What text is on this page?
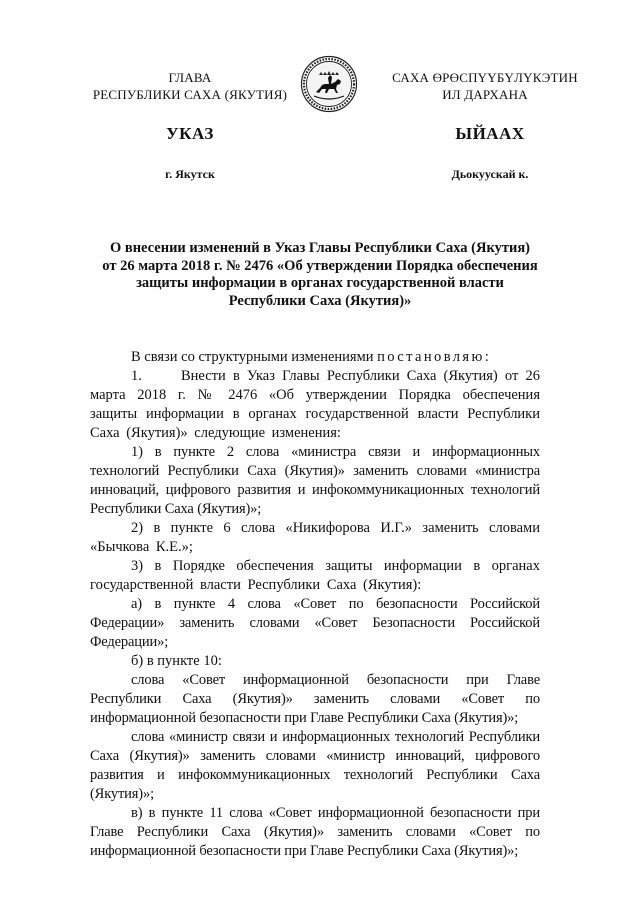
ГЛАВА
РЕСПУБЛИКИ САХА (ЯКУТИЯ)
САХА ӨРӨСПҮҮБҮЛҮКЭТИН
ИЛ ДАРХАНА
УКАЗ	ЫЙААХ
г. Якутск	Дьокуускай к.
О внесении изменений в Указ Главы Республики Саха (Якутия)
от 26 марта 2018 г. № 2476 «Об утверждении Порядка обеспечения
защиты информации в органах государственной власти
Республики Саха (Якутия)»

В связи со структурными изменениями постановляю:

1.	Внести в Указ Главы Республики Саха (Якутия) от 26 марта 2018 г. № 2476 «Об утверждении Порядка обеспечения защиты информации в органах государственной власти Республики Саха (Якутия)» следующие изменения:

1) в пункте 2 слова «министра связи и информационных технологий Республики Саха (Якутия)» заменить словами «министра инноваций, цифрового развития и инфокоммуникационных технологий Республики Саха (Якутия)»;

2) в пункте 6 слова «Никифорова И.Г.» заменить словами «Бычкова К.Е.»;

3) в Порядке обеспечения защиты информации в органах государственной власти Республики Саха (Якутия):

а) в пункте 4 слова «Совет по безопасности Российской Федерации» заменить словами «Совет Безопасности Российской Федерации»;

б) в пункте 10:

слова «Совет информационной безопасности при Главе Республики Саха (Якутия)» заменить словами «Совет по информационной безопасности при Главе Республики Саха (Якутия)»;

слова «министр связи и информационных технологий Республики Саха (Якутия)» заменить словами «министр инноваций, цифрового развития и инфокоммуникационных технологий Республики Саха (Якутия)»;

в) в пункте 11 слова «Совет информационной безопасности при Главе Республики Саха (Якутия)» заменить словами «Совет по информационной безопасности при Главе Республики Саха (Якутия)»;
